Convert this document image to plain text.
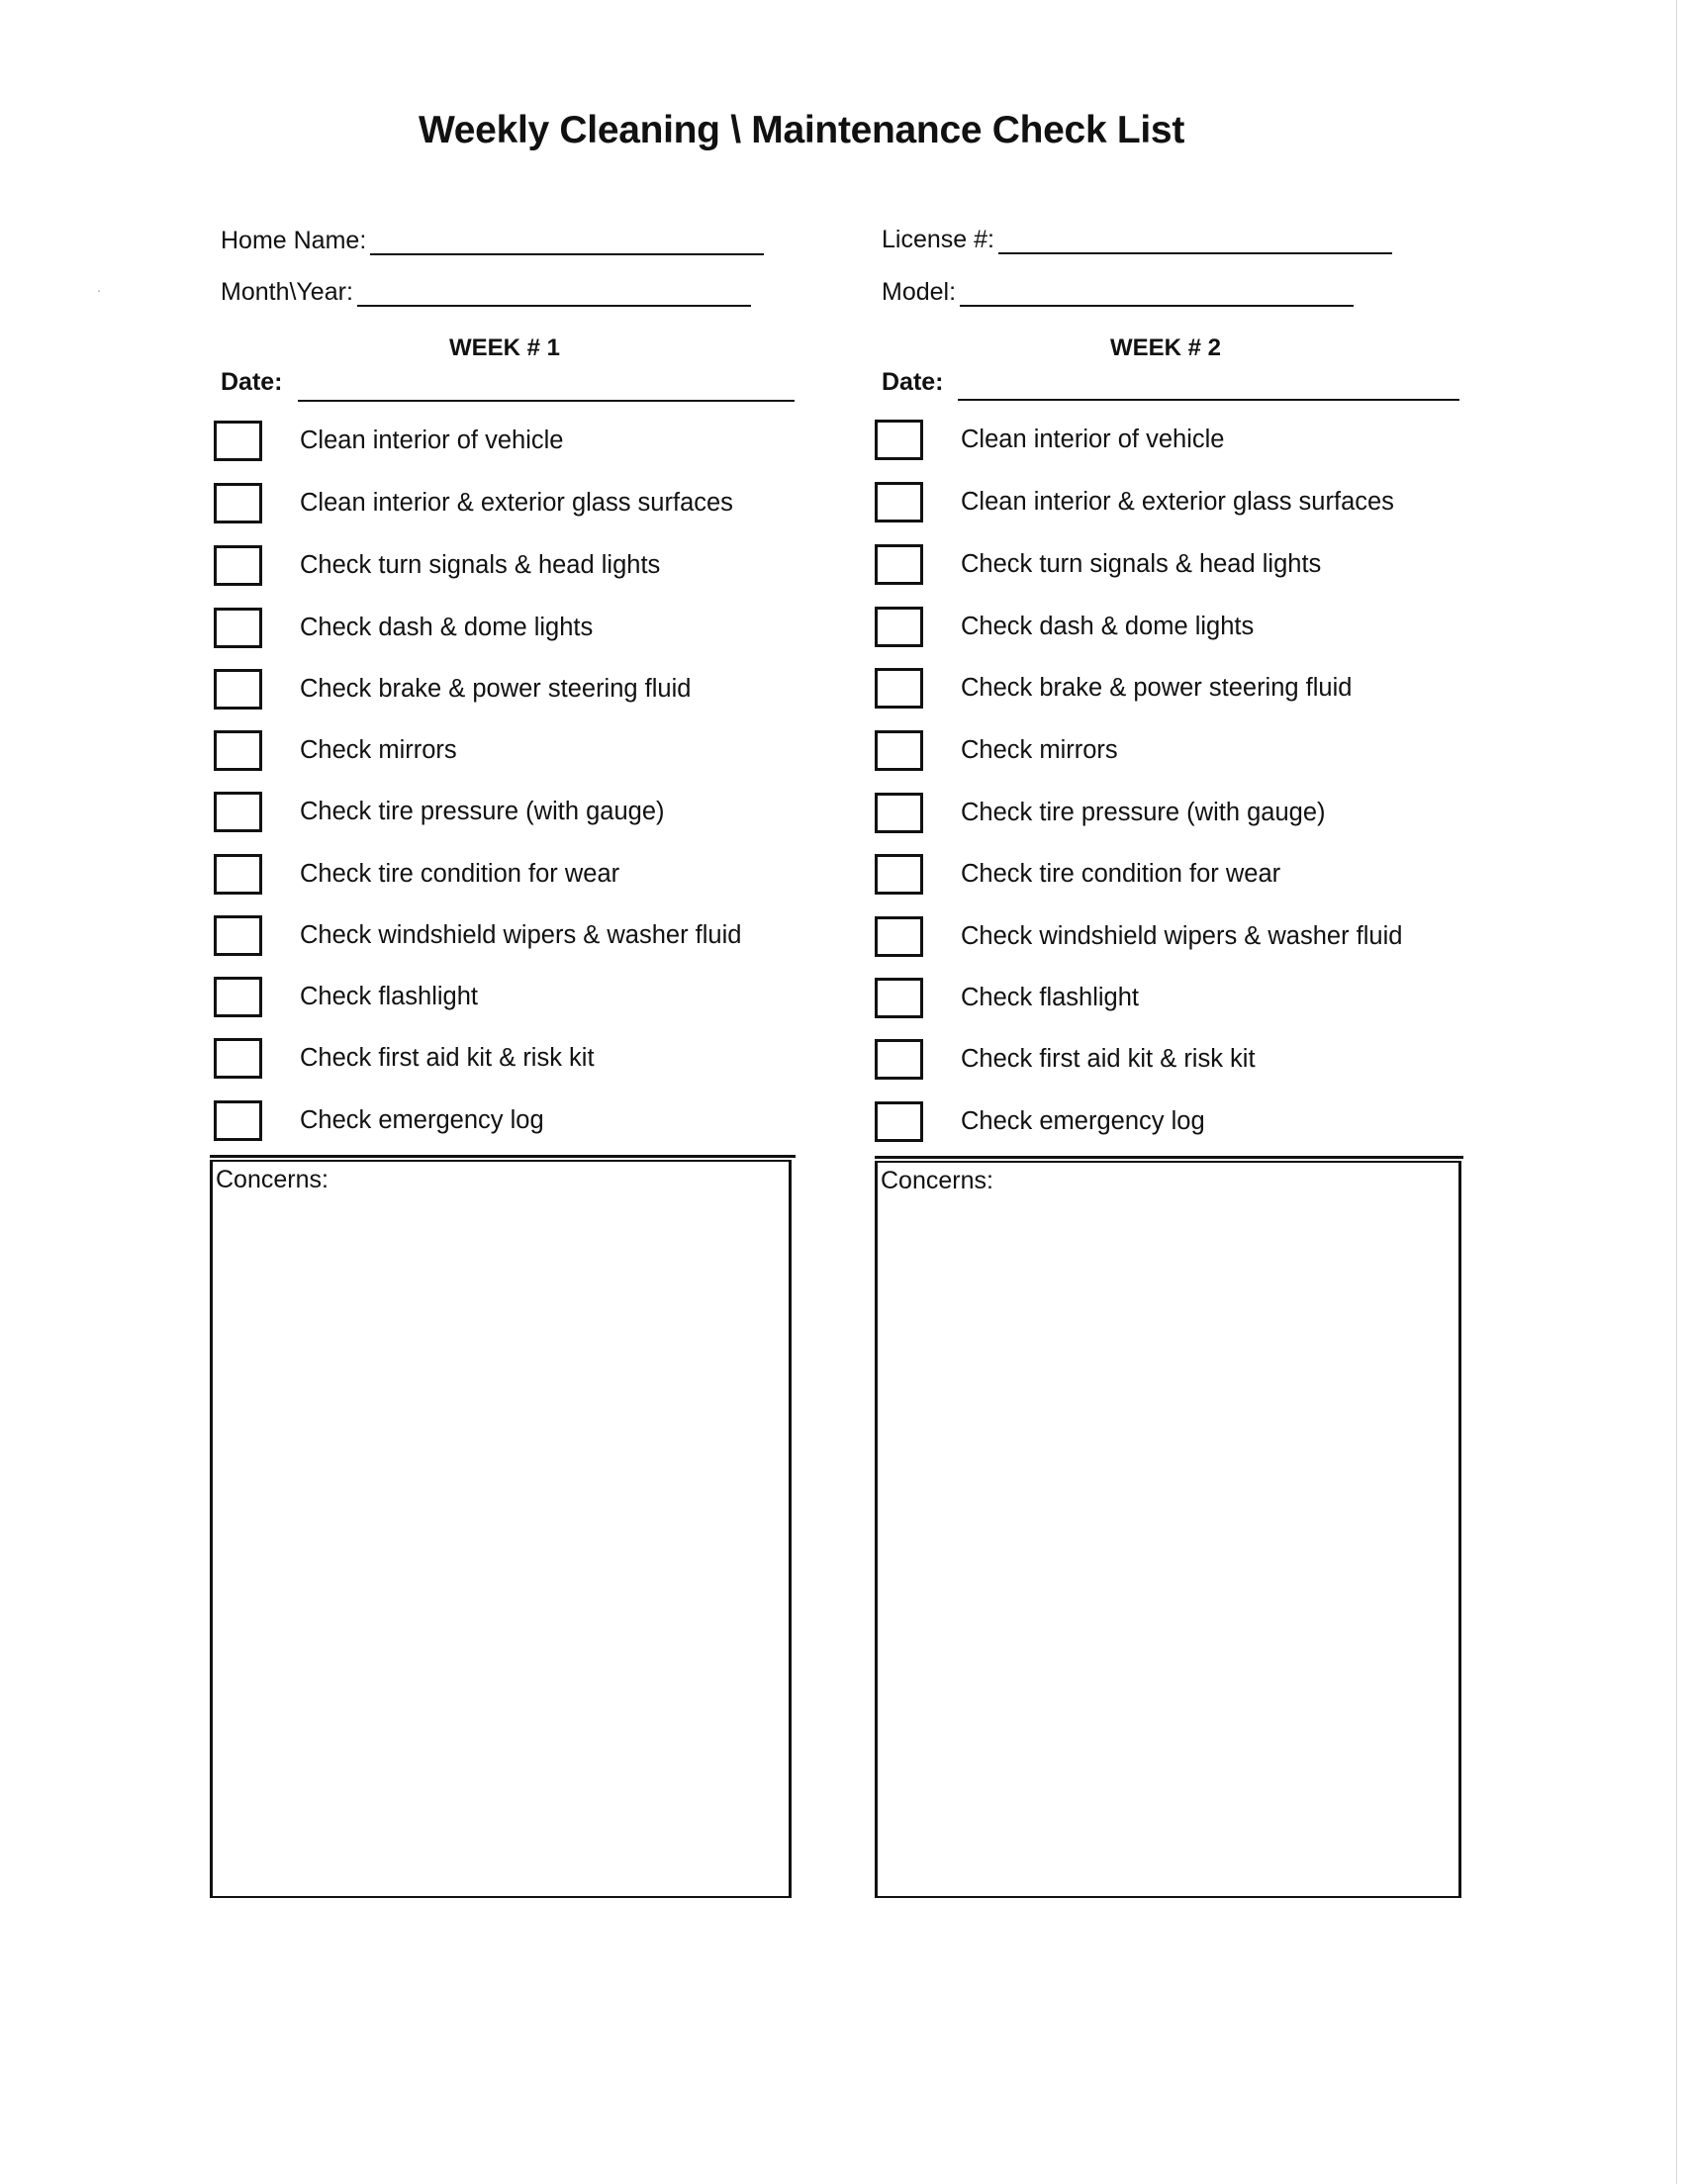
.
Weekly Cleaning \ Maintenance Check List
Home Name:
Month\Year:
License #:
Model:
WEEK # 1
Date:
Clean interior of vehicle
Clean interior & exterior glass surfaces
Check turn signals & head lights
Check dash & dome lights
Check brake & power steering fluid
Check mirrors
Check tire pressure (with gauge)
Check tire condition for wear
Check windshield wipers & washer fluid
Check flashlight
Check first aid kit & risk kit
Check emergency log
Concerns:
WEEK # 2
Date:
Clean interior of vehicle
Clean interior & exterior glass surfaces
Check turn signals & head lights
Check dash & dome lights
Check brake & power steering fluid
Check mirrors
Check tire pressure (with gauge)
Check tire condition for wear
Check windshield wipers & washer fluid
Check flashlight
Check first aid kit & risk kit
Check emergency log
Concerns:
